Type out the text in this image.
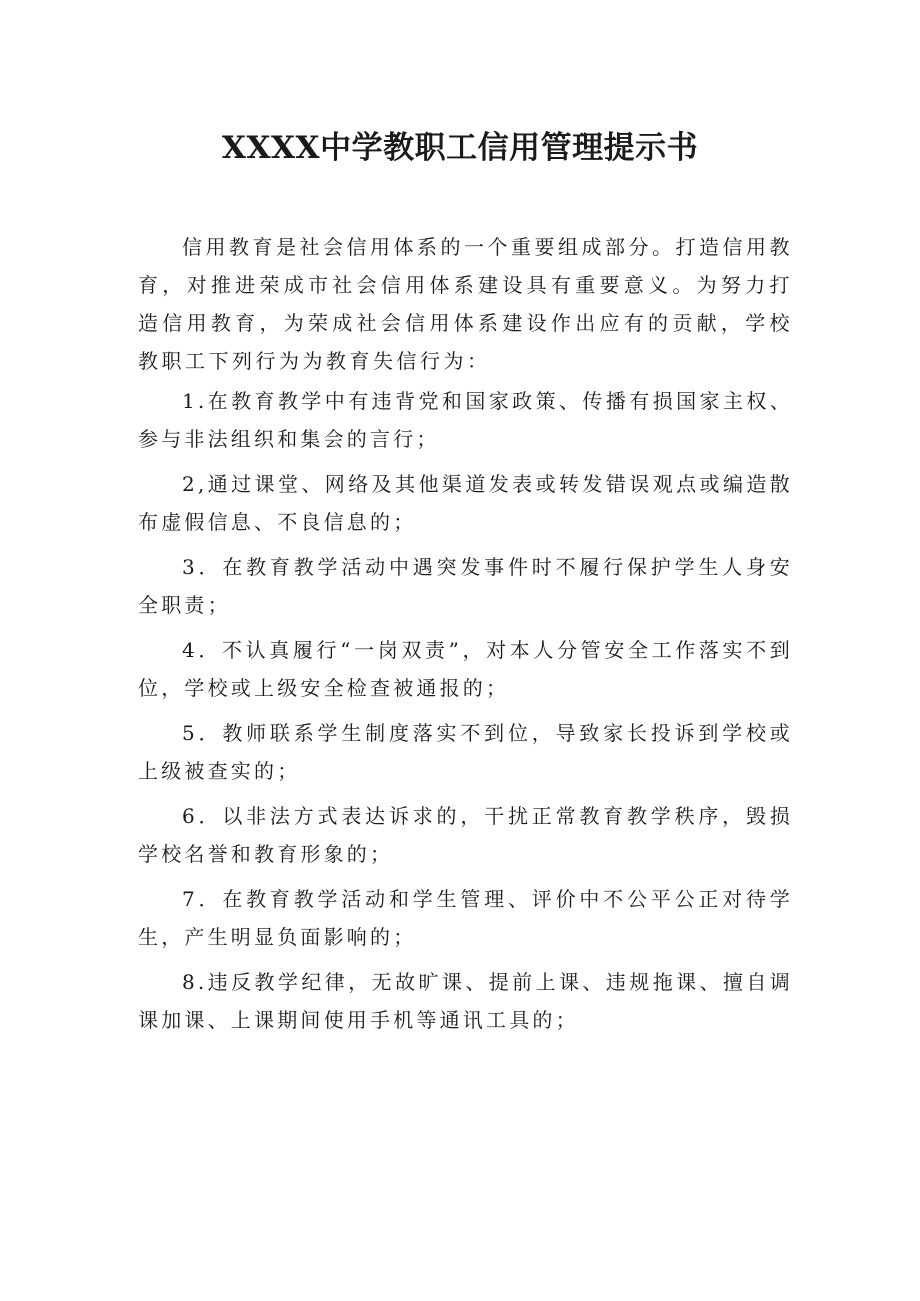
XXXX中学教职工信用管理提示书

信用教育是社会信用体系的一个重要组成部分。打造信用教育，对推进荣成市社会信用体系建设具有重要意义。为努力打造信用教育，为荣成社会信用体系建设作出应有的贡献，学校教职工下列行为为教育失信行为：

1.在教育教学中有违背党和国家政策、传播有损国家主权、参与非法组织和集会的言行；

2,通过课堂、网络及其他渠道发表或转发错误观点或编造散布虚假信息、不良信息的；

3．在教育教学活动中遇突发事件时不履行保护学生人身安全职责；

4．不认真履行“一岗双责”，对本人分管安全工作落实不到位，学校或上级安全检查被通报的；

5．教师联系学生制度落实不到位，导致家长投诉到学校或上级被查实的；

6．以非法方式表达诉求的，干扰正常教育教学秩序，毁损学校名誉和教育形象的；

7．在教育教学活动和学生管理、评价中不公平公正对待学生，产生明显负面影响的；

8.违反教学纪律，无故旷课、提前上课、违规拖课、擅自调课加课、上课期间使用手机等通讯工具的；
